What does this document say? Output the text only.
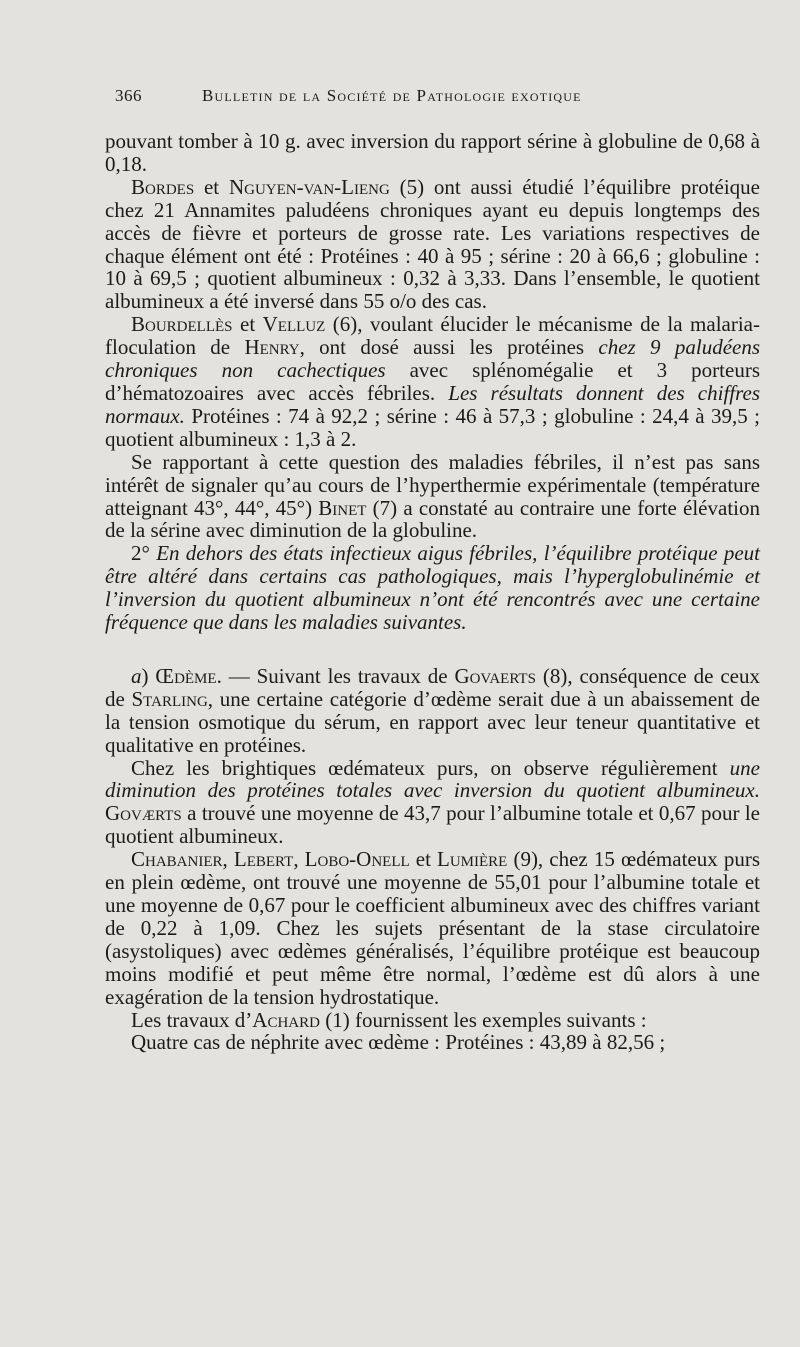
366	Bulletin de la Société de Pathologie exotique

pouvant tomber à 10 g. avec inversion du rapport sérine à globuline de 0,68 à 0,18.

Bordes et Nguyen-van-Lieng (5) ont aussi étudié l’équilibre protéique chez 21 Annamites paludéens chroniques ayant eu depuis longtemps des accès de fièvre et porteurs de grosse rate. Les variations respectives de chaque élément ont été : Protéines : 40 à 95 ; sérine : 20 à 66,6 ; globuline : 10 à 69,5 ; quotient albumineux : 0,32 à 3,33. Dans l’ensemble, le quotient albumineux a été inversé dans 55 o/o des cas.

Bourdellès et Velluz (6), voulant élucider le mécanisme de la malaria-floculation de Henry, ont dosé aussi les protéines chez 9 paludéens chroniques non cachectiques avec splénomégalie et 3 porteurs d’hématozoaires avec accès fébriles. Les résultats donnent des chiffres normaux. Protéines : 74 à 92,2 ; sérine : 46 à 57,3 ; globuline : 24,4 à 39,5 ; quotient albumineux : 1,3 à 2.

Se rapportant à cette question des maladies fébriles, il n’est pas sans intérêt de signaler qu’au cours de l’hyperthermie expérimentale (température atteignant 43°, 44°, 45°) Binet (7) a constaté au contraire une forte élévation de la sérine avec diminution de la globuline.

2° En dehors des états infectieux aigus fébriles, l’équilibre protéique peut être altéré dans certains cas pathologiques, mais l’hyperglobulinémie et l’inversion du quotient albumineux n’ont été rencontrés avec une certaine fréquence que dans les maladies suivantes.

a) Œdème. — Suivant les travaux de Govaerts (8), conséquence de ceux de Starling, une certaine catégorie d’œdème serait due à un abaissement de la tension osmotique du sérum, en rapport avec leur teneur quantitative et qualitative en protéines.

Chez les brightiques œdémateux purs, on observe régulièrement une diminution des protéines totales avec inversion du quotient albumineux. Goværts a trouvé une moyenne de 43,7 pour l’albumine totale et 0,67 pour le quotient albumineux.

Chabanier, Lebert, Lobo-Onell et Lumière (9), chez 15 œdémateux purs en plein œdème, ont trouvé une moyenne de 55,01 pour l’albumine totale et une moyenne de 0,67 pour le coefficient albumineux avec des chiffres variant de 0,22 à 1,09. Chez les sujets présentant de la stase circulatoire (asystoliques) avec œdèmes généralisés, l’équilibre protéique est beaucoup moins modifié et peut même être normal, l’œdème est dû alors à une exagération de la tension hydrostatique.

Les travaux d’Achard (1) fournissent les exemples suivants :

Quatre cas de néphrite avec œdème : Protéines : 43,89 à 82,56 ;
